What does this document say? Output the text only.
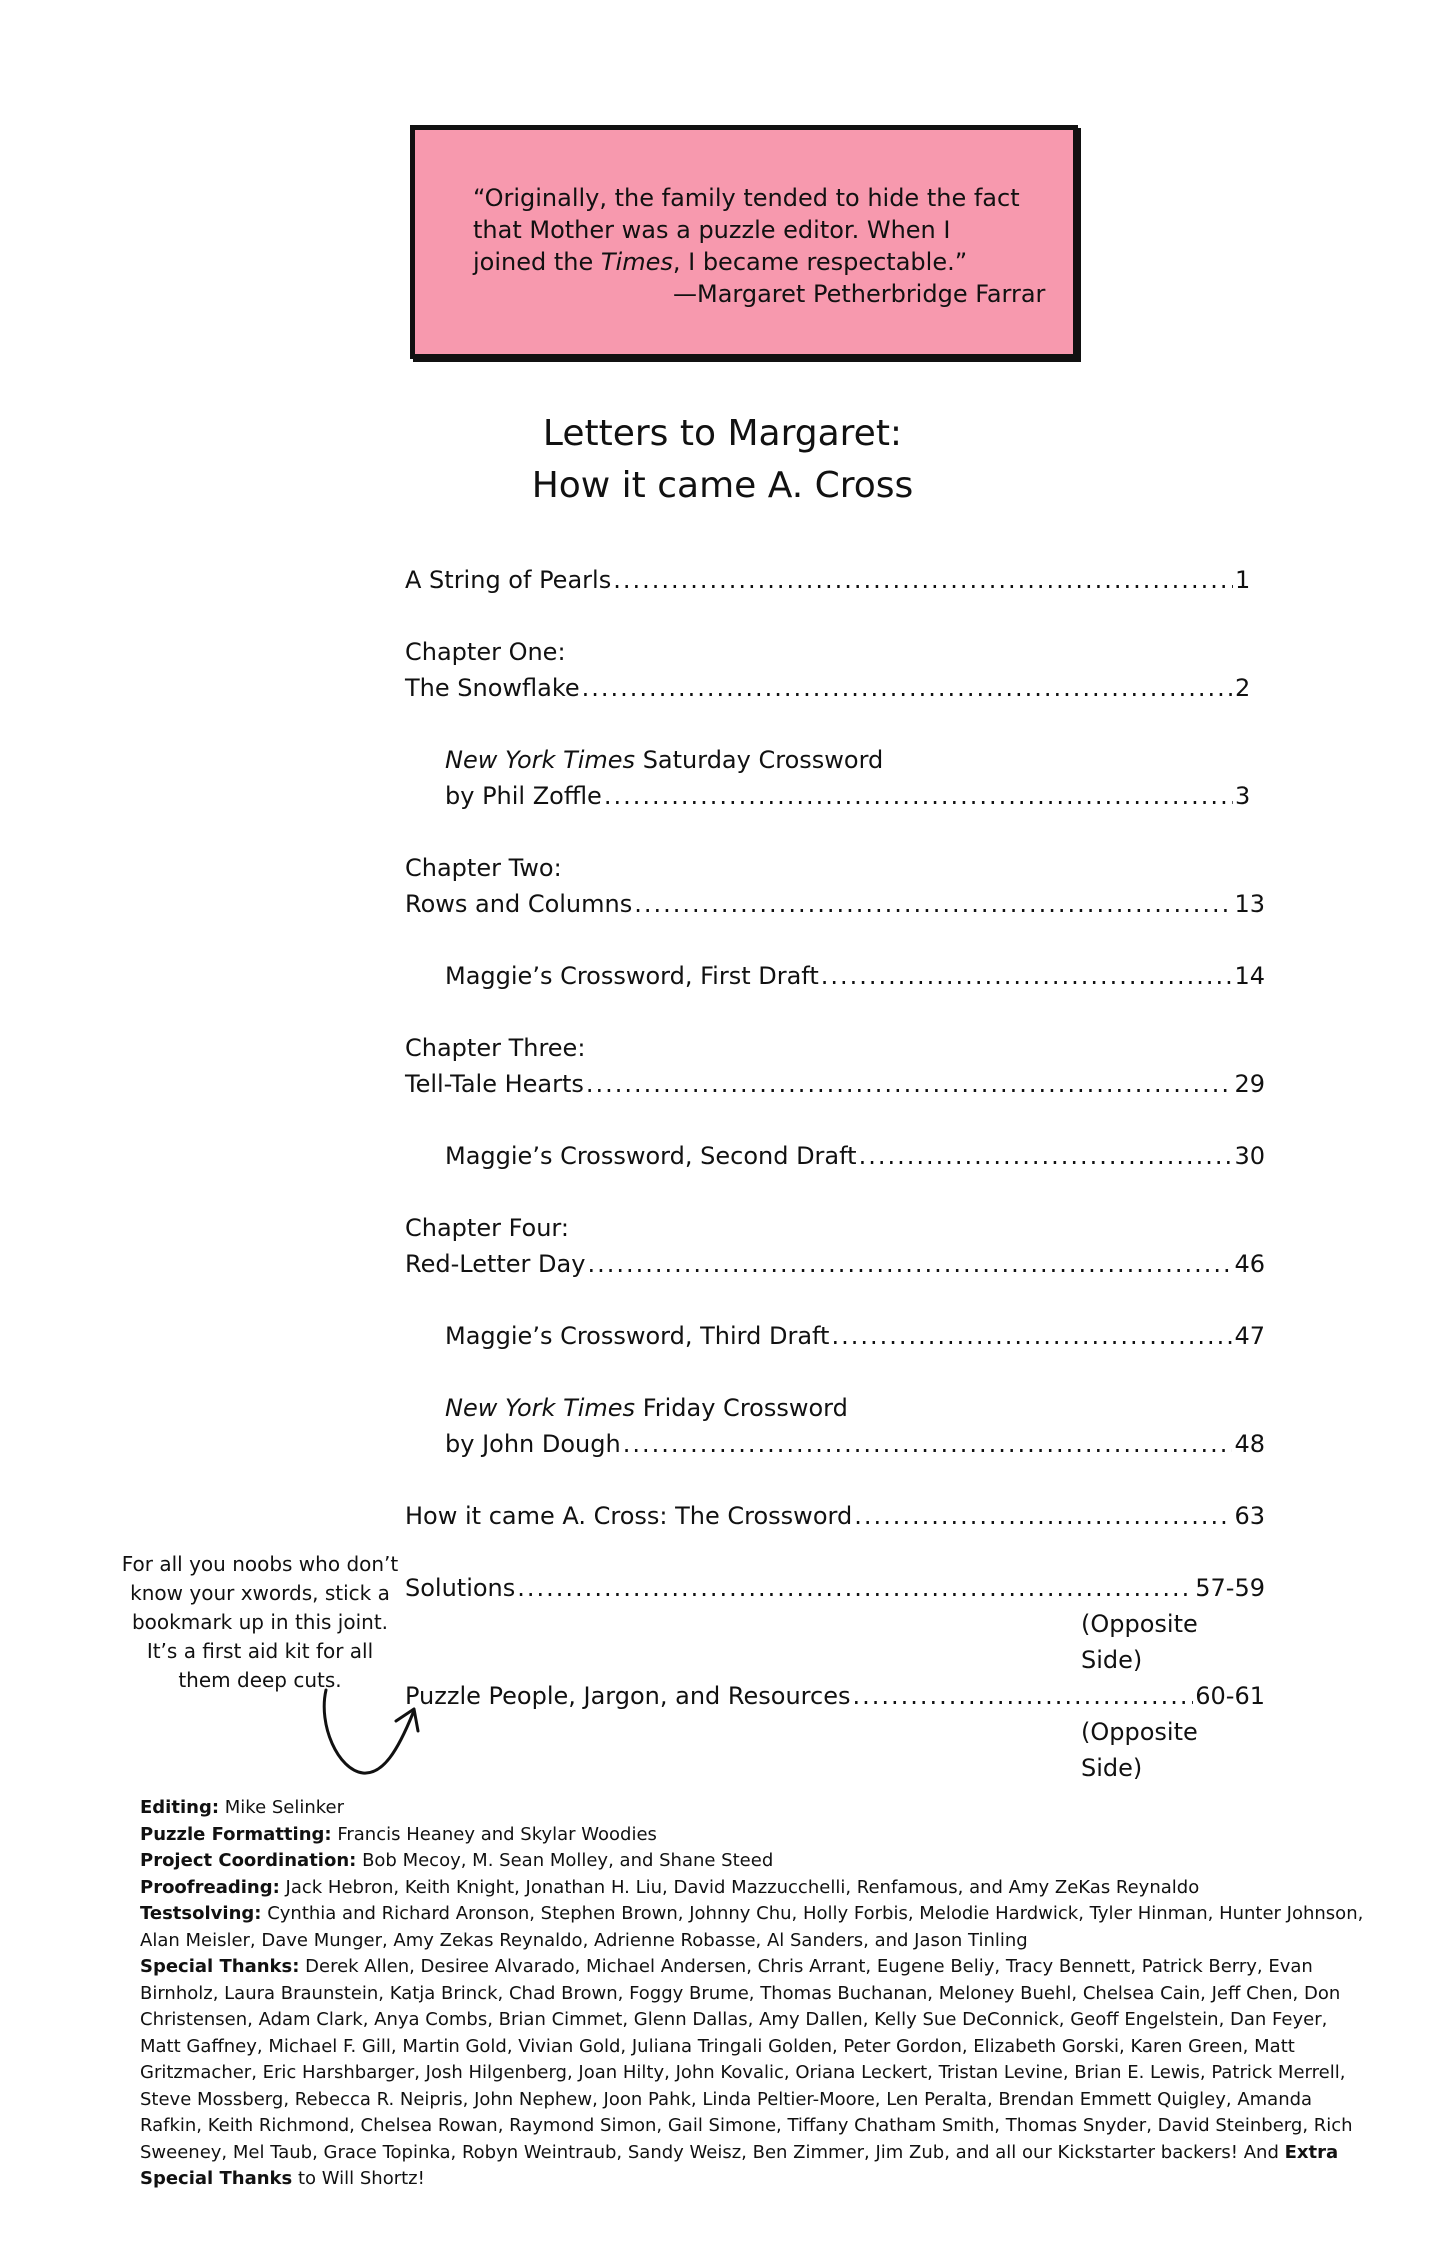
“Originally, the family tended to hide the fact
that Mother was a puzzle editor. When I
joined the Times, I became respectable.”

—Margaret Petherbridge Farrar
Letters to Margaret:
How it came A. Cross
A String of Pearls .....	1
Chapter One:
The Snowflake .....	2
New York Times Saturday Crossword
by Phil Zoffle .....	3
Chapter Two:
Rows and Columns .....	13
Maggie’s Crossword, First Draft .....	14
Chapter Three:
Tell-Tale Hearts .....	29
Maggie’s Crossword, Second Draft .....	30
Chapter Four:
Red-Letter Day .....	46
Maggie’s Crossword, Third Draft .....	47
New York Times Friday Crossword
by John Dough .....	48
How it came A. Cross: The Crossword .....	63
Solutions .....	57-59
(Opposite Side)
Puzzle People, Jargon, and Resources .....	60-61
(Opposite Side)
For all you noobs who don’t know your xwords, stick a bookmark up in this joint. It’s a first aid kit for all them deep cuts.
Editing: Mike Selinker
Puzzle Formatting: Francis Heaney and Skylar Woodies
Project Coordination: Bob Mecoy, M. Sean Molley, and Shane Steed
Proofreading: Jack Hebron, Keith Knight, Jonathan H. Liu, David Mazzucchelli, Renfamous, and Amy ZeKas Reynaldo
Testsolving: Cynthia and Richard Aronson, Stephen Brown, Johnny Chu, Holly Forbis, Melodie Hardwick, Tyler Hinman, Hunter Johnson, Alan Meisler, Dave Munger, Amy Zekas Reynaldo, Adrienne Robasse, Al Sanders, and Jason Tinling
Special Thanks: Derek Allen, Desiree Alvarado, Michael Andersen, Chris Arrant, Eugene Beliy, Tracy Bennett, Patrick Berry, Evan Birnholz, Laura Braunstein, Katja Brinck, Chad Brown, Foggy Brume, Thomas Buchanan, Meloney Buehl, Chelsea Cain, Jeff Chen, Don Christensen, Adam Clark, Anya Combs, Brian Cimmet, Glenn Dallas, Amy Dallen, Kelly Sue DeConnick, Geoff Engelstein, Dan Feyer, Matt Gaffney, Michael F. Gill, Martin Gold, Vivian Gold, Juliana Tringali Golden, Peter Gordon, Elizabeth Gorski, Karen Green, Matt Gritzmacher, Eric Harshbarger, Josh Hilgenberg, Joan Hilty, John Kovalic, Oriana Leckert, Tristan Levine, Brian E. Lewis, Patrick Merrell, Steve Mossberg, Rebecca R. Neipris, John Nephew, Joon Pahk, Linda Peltier-Moore, Len Peralta, Brendan Emmett Quigley, Amanda Rafkin, Keith Richmond, Chelsea Rowan, Raymond Simon, Gail Simone, Tiffany Chatham Smith, Thomas Snyder, David Steinberg, Rich Sweeney, Mel Taub, Grace Topinka, Robyn Weintraub, Sandy Weisz, Ben Zimmer, Jim Zub, and all our Kickstarter backers! And Extra Special Thanks to Will Shortz!
